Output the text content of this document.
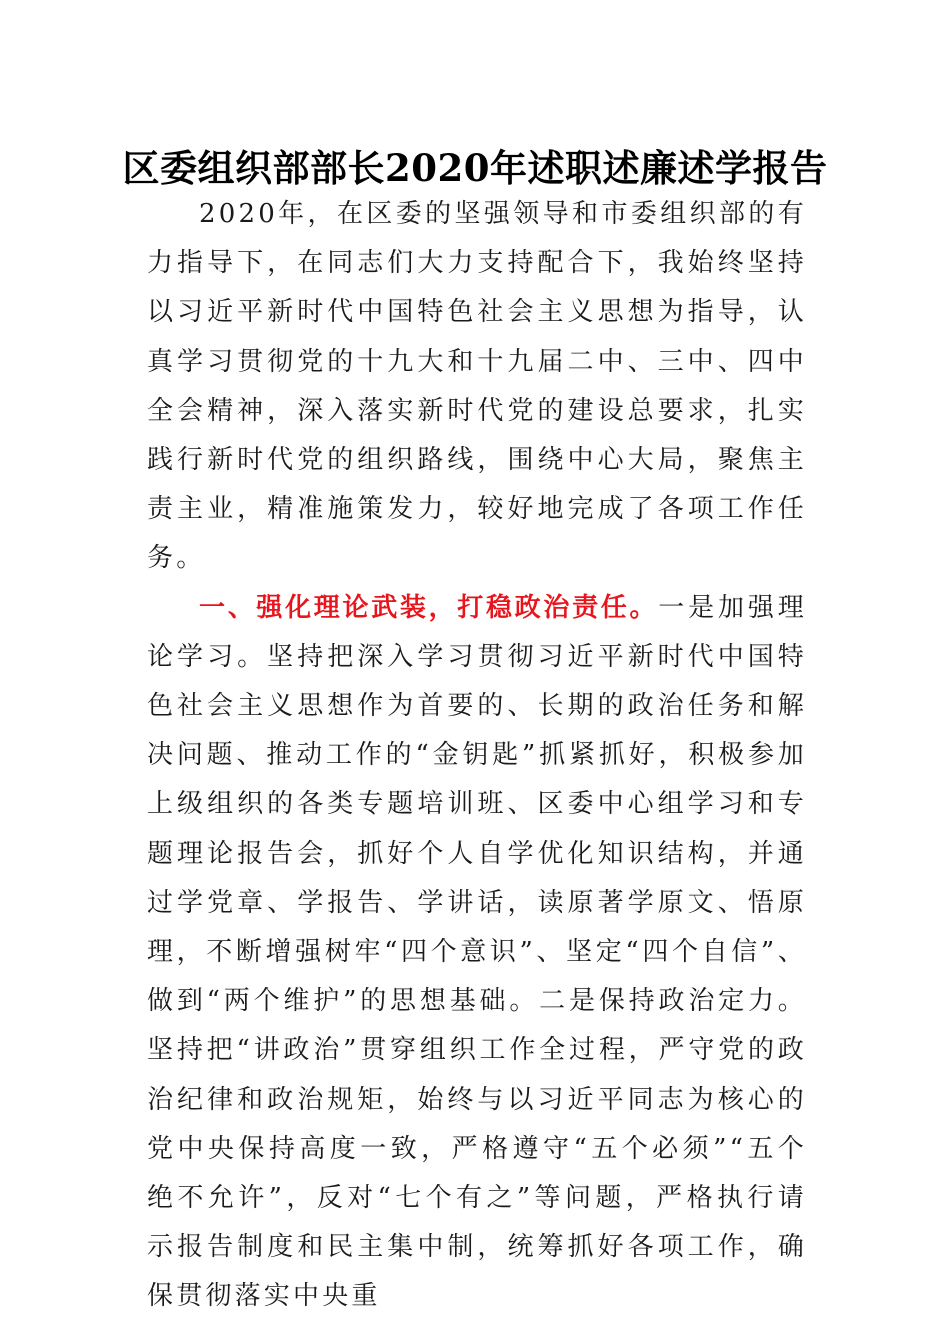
区委组织部部长2020年述职述廉述学报告

2020年，在区委的坚强领导和市委组织部的有力指导下，在同志们大力支持配合下，我始终坚持以习近平新时代中国特色社会主义思想为指导，认真学习贯彻党的十九大和十九届二中、三中、四中全会精神，深入落实新时代党的建设总要求，扎实践行新时代党的组织路线，围绕中心大局，聚焦主责主业，精准施策发力，较好地完成了各项工作任务。

一、强化理论武装，打稳政治责任。一是加强理论学习。坚持把深入学习贯彻习近平新时代中国特色社会主义思想作为首要的、长期的政治任务和解决问题、推动工作的“金钥匙”抓紧抓好，积极参加上级组织的各类专题培训班、区委中心组学习和专题理论报告会，抓好个人自学优化知识结构，并通过学党章、学报告、学讲话，读原著学原文、悟原理，不断增强树牢“四个意识”、坚定“四个自信”、做到“两个维护”的思想基础。二是保持政治定力。坚持把“讲政治”贯穿组织工作全过程，严守党的政治纪律和政治规矩，始终与以习近平同志为核心的党中央保持高度一致，严格遵守“五个必须”“五个绝不允许”，反对“七个有之”等问题，严格执行请示报告制度和民主集中制，统筹抓好各项工作，确保贯彻落实中央重
